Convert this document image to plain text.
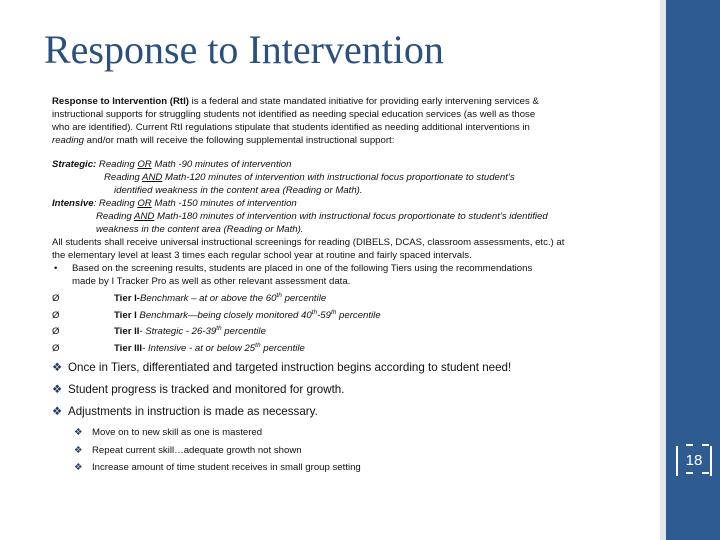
18
Response to Intervention
Response to Intervention (RtI) is a federal and state mandated initiative for providing early intervening services &
instructional supports for struggling students not identified as needing special education services (as well as those
who are identified). Current RtI regulations stipulate that students identified as needing additional interventions in
reading and/or math will receive the following supplemental instructional support:
Strategic: Reading OR Math -90 minutes of intervention
Reading AND Math-120 minutes of intervention with instructional focus proportionate to student’s
identified weakness in the content area (Reading or Math).
Intensive: Reading OR Math -150 minutes of intervention
Reading AND Math-180 minutes of intervention with instructional focus proportionate to student’s identified
weakness in the content area (Reading or Math).
All students shall receive universal instructional screenings for reading (DIBELS, DCAS, classroom assessments, etc.) at
the elementary level at least 3 times each regular school year at routine and fairly spaced intervals.
• Based on the screening results, students are placed in one of the following Tiers using the recommendations
made by I Tracker Pro as well as other relevant assessment data.
Ø	Tier I-Benchmark – at or above the 60th percentile
Ø	Tier I Benchmark—being closely monitored 40th-59th percentile
Ø	Tier II- Strategic - 26-39th percentile
Ø	Tier III- Intensive - at or below 25th percentile
❖ Once in Tiers, differentiated and targeted instruction begins according to student need!
❖ Student progress is tracked and monitored for growth.
❖ Adjustments in instruction is made as necessary.
❖ Move on to new skill as one is mastered
❖ Repeat current skill…adequate growth not shown
❖ Increase amount of time student receives in small group setting
